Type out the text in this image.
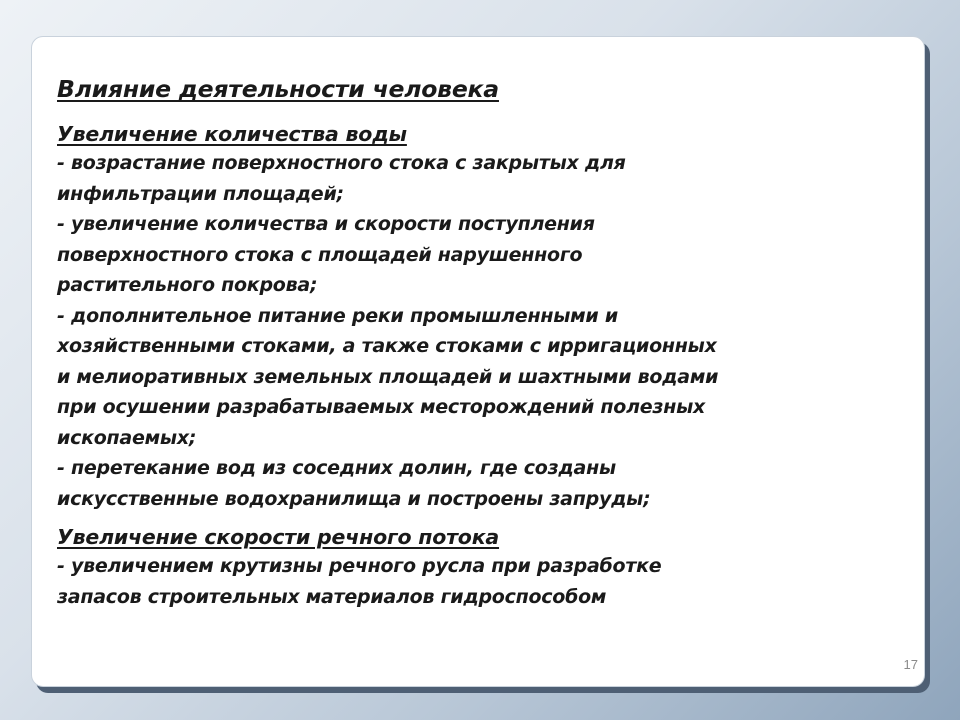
Влияние деятельности человека
Увеличение количества воды
- возрастание поверхностного стока с закрытых для
инфильтрации площадей;
- увеличение количества и скорости поступления
поверхностного стока с площадей нарушенного
растительного покрова;
- дополнительное питание реки промышленными и
хозяйственными стоками, а также стоками с ирригационных
и мелиоративных земельных площадей и шахтными водами
при осушении разрабатываемых месторождений полезных
ископаемых;
- перетекание вод из соседних долин, где созданы
искусственные водохранилища и построены запруды;
Увеличение скорости речного потока
- увеличением крутизны речного русла при разработке
запасов строительных материалов гидроспособом
17
